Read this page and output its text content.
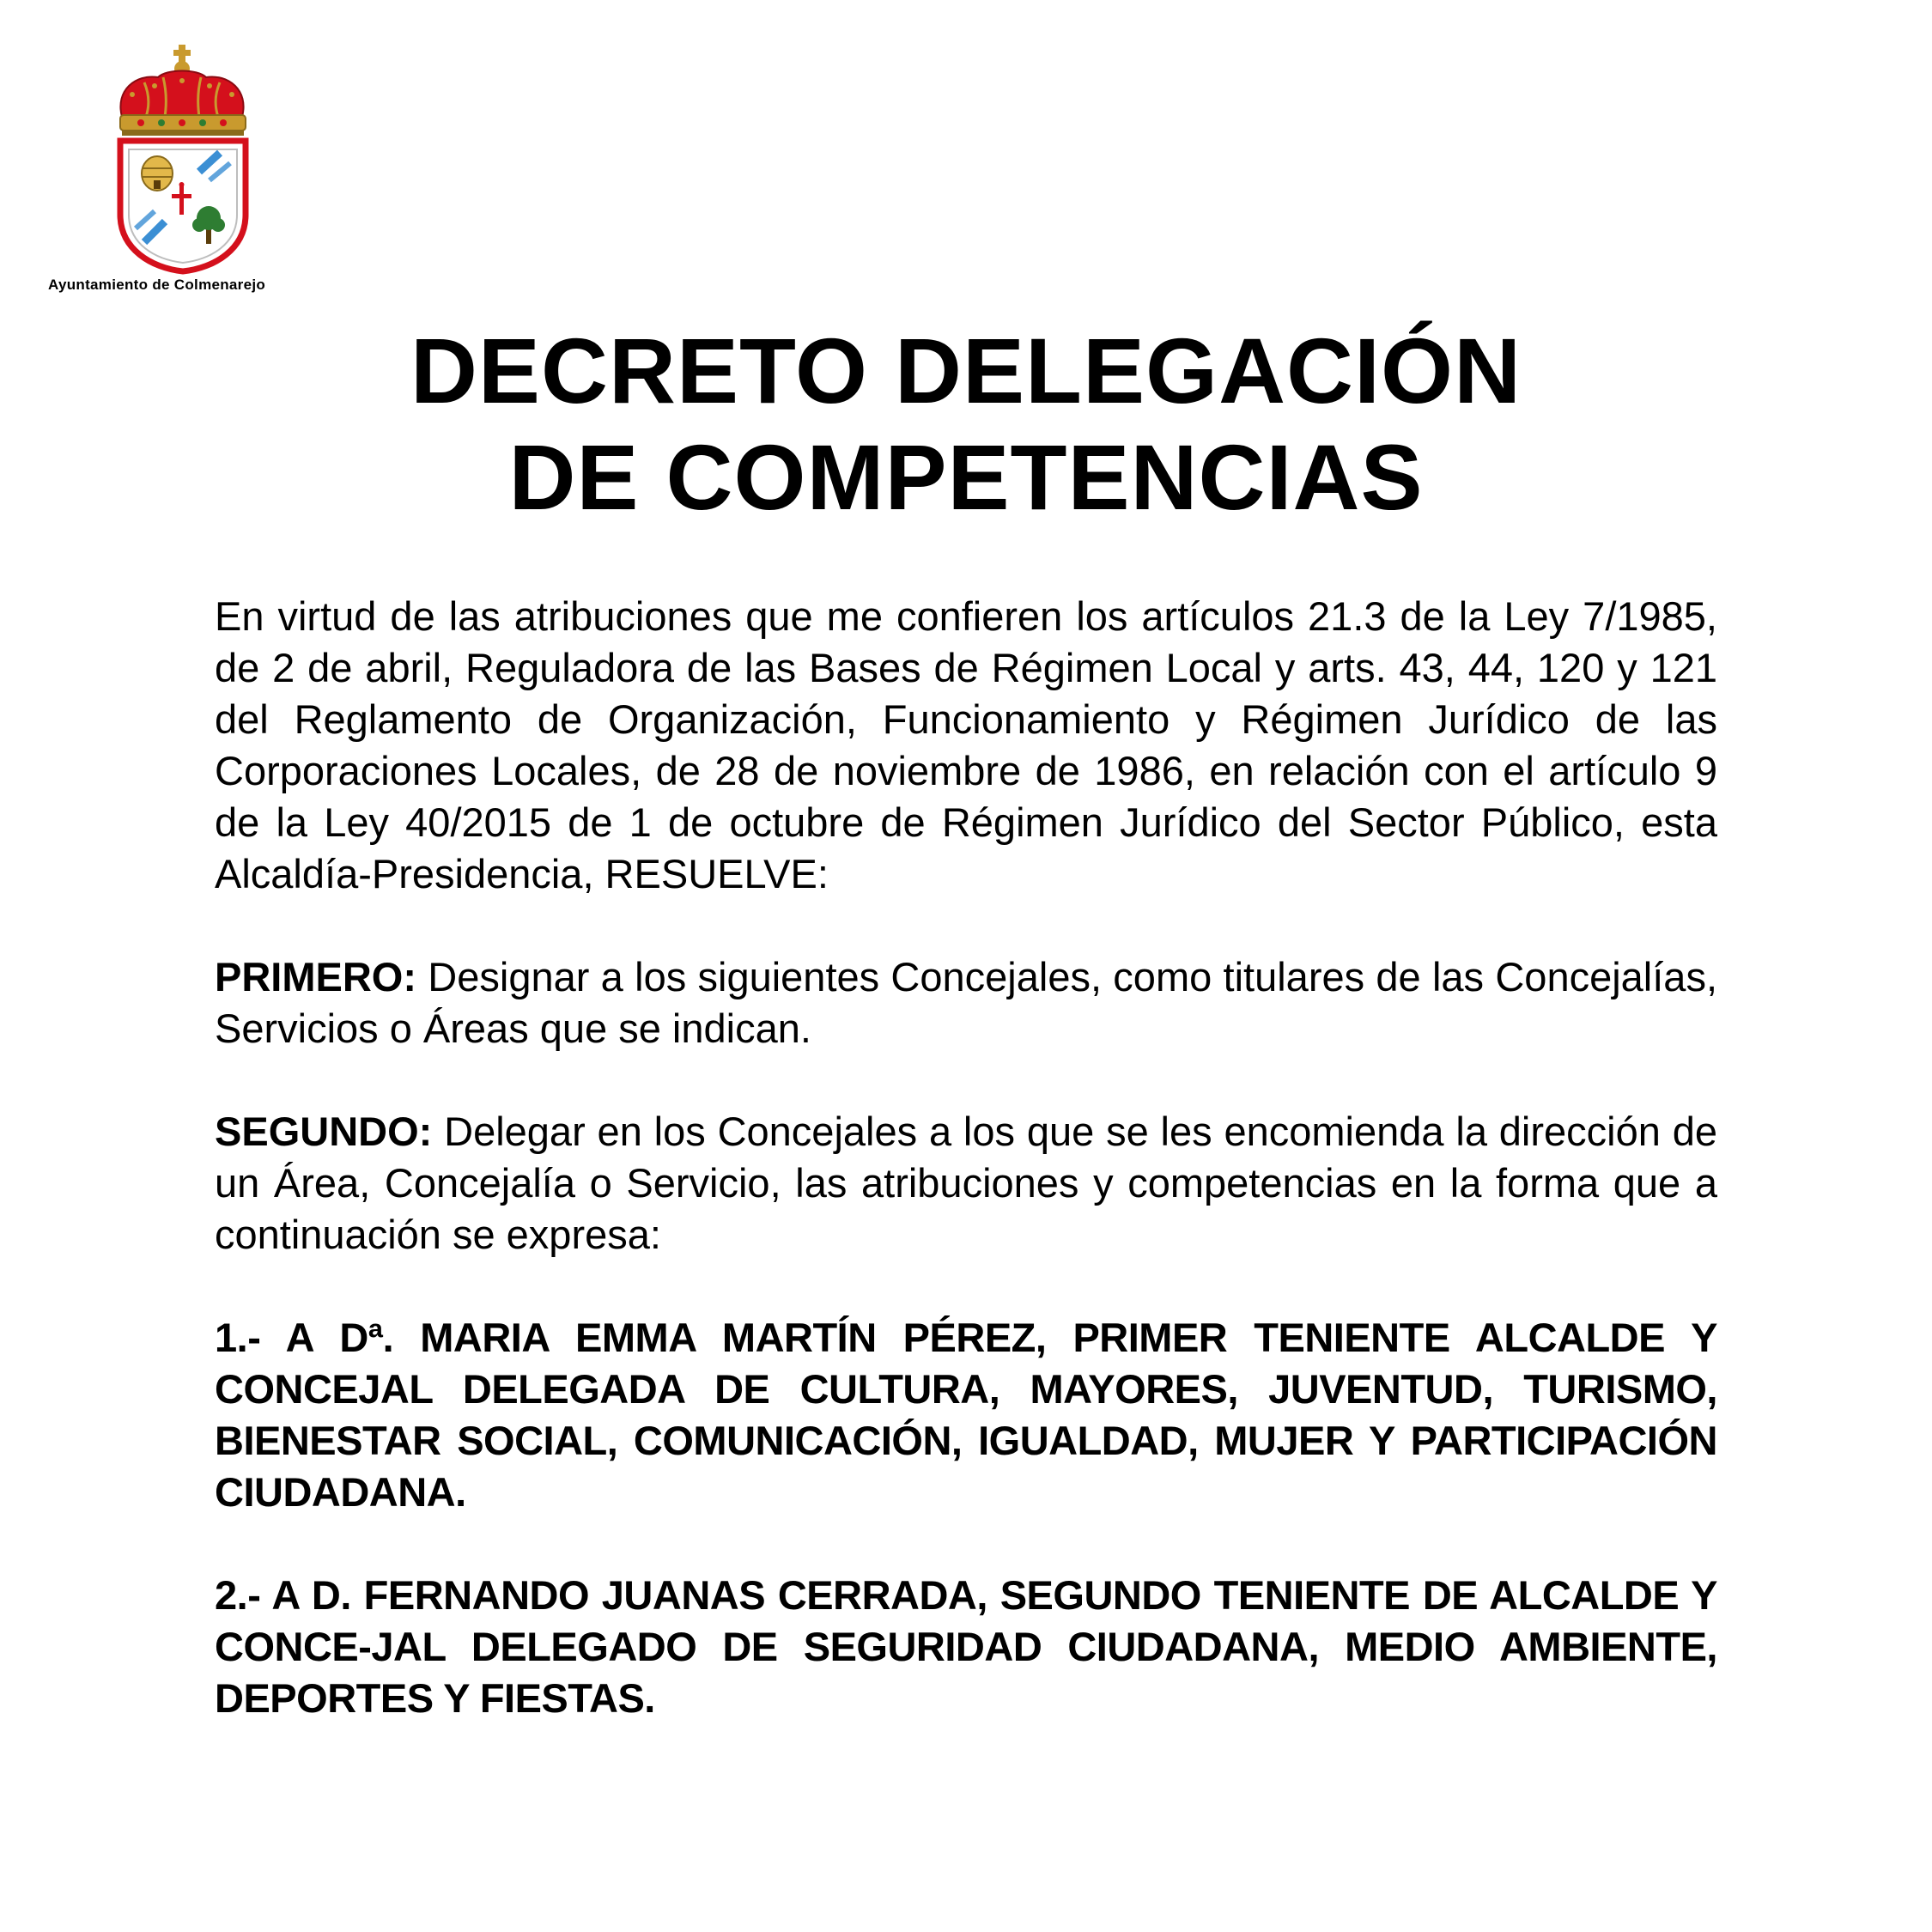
Ayuntamiento de Colmenarejo
DECRETO DELEGACIÓN
DE COMPETENCIAS

En virtud de las atribuciones que me confieren los artículos 21.3 de la Ley 7/1985, de 2 de abril, Reguladora de las Bases de Régimen Local y arts. 43, 44, 120 y 121 del Reglamento de Organización, Funcionamiento y Régimen Jurídico de las Corporaciones Locales, de 28 de noviembre de 1986, en relación con el artículo 9 de la Ley 40/2015 de 1 de octubre de Régimen Jurídico del Sector Público, esta Alcaldía-Presidencia, RESUELVE:

PRIMERO: Designar a los siguientes Concejales, como titulares de las Concejalías, Servicios o Áreas que se indican.

SEGUNDO: Delegar en los Concejales a los que se les encomienda la dirección de un Área, Concejalía o Servicio, las atribuciones y competencias en la forma que a continuación se expresa:

1.- A Dª. MARIA EMMA MARTÍN PÉREZ, PRIMER TENIENTE ALCALDE Y CONCEJAL DELEGADA DE CULTURA, MAYORES, JUVENTUD, TURISMO, BIENESTAR SOCIAL, COMUNICACIÓN, IGUALDAD, MUJER Y PARTICIPACIÓN CIUDADANA.

2.- A D. FERNANDO JUANAS CERRADA, SEGUNDO TENIENTE DE ALCALDE Y CONCE-JAL DELEGADO DE SEGURIDAD CIUDADANA, MEDIO AMBIENTE, DEPORTES Y FIESTAS.
